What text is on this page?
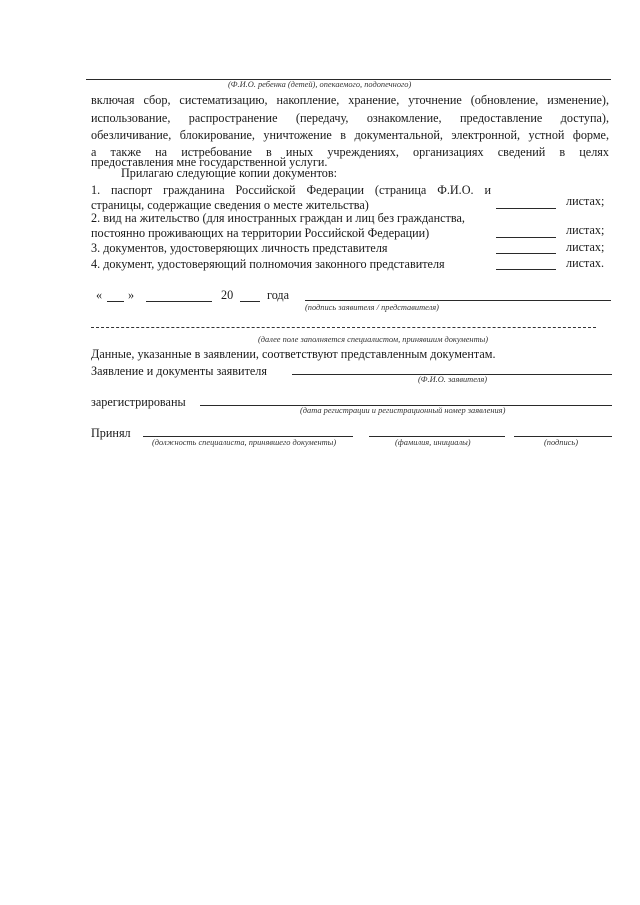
(Ф.И.О. ребенка (детей), опекаемого, подопечного)
включая сбор, систематизацию, накопление, хранение, уточнение (обновление, изменение),
использование, распространение (передачу, ознакомление, предоставление доступа),
обезличивание, блокирование, уничтожение в документальной, электронной, устной форме,
а также на истребование в иных учреждениях, организациях сведений в целях
предоставления мне государственной услуги.
Прилагаю следующие копии документов:
1. паспорт гражданина Российской Федерации (страница Ф.И.О. и
страницы, содержащие сведения о месте жительства)	листах;
2. вид на жительство (для иностранных граждан и лиц без гражданства,
постоянно проживающих на территории Российской Федерации)	листах;
3. документов, удостоверяющих личность представителя	листах;
4. документ, удостоверяющий полномочия законного представителя	листах.
« »	20	года
(подпись заявителя / представителя)
(далее поле заполняется специалистом, принявшим документы)
Данные, указанные в заявлении, соответствуют представленным документам.
Заявление и документы заявителя
(Ф.И.О. заявителя)
зарегистрированы
(дата регистрации и регистрационный номер заявления)
Принял
(должность специалиста, принявшего документы)	(фамилия, инициалы)	(подпись)
